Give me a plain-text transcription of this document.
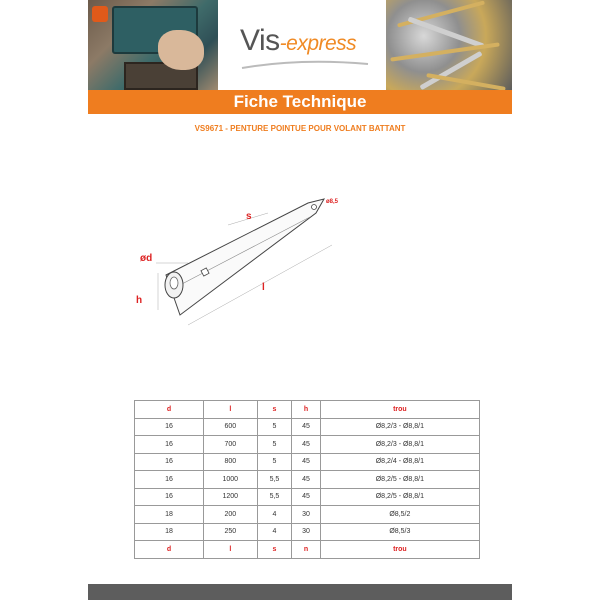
Vis-express
Fiche Technique
VS9671 - PENTURE POINTUE POUR VOLANT BATTANT
s
ø8,5
ød
h
l
d	l	s	h	trou
16	600	5	45	Ø8,2/3 - Ø8,8/1
16	700	5	45	Ø8,2/3 - Ø8,8/1
16	800	5	45	Ø8,2/4 - Ø8,8/1
16	1000	5,5	45	Ø8,2/5 - Ø8,8/1
16	1200	5,5	45	Ø8,2/5 - Ø8,8/1
18	200	4	30	Ø8,5/2
18	250	4	30	Ø8,5/3
d	l	s	n	trou
